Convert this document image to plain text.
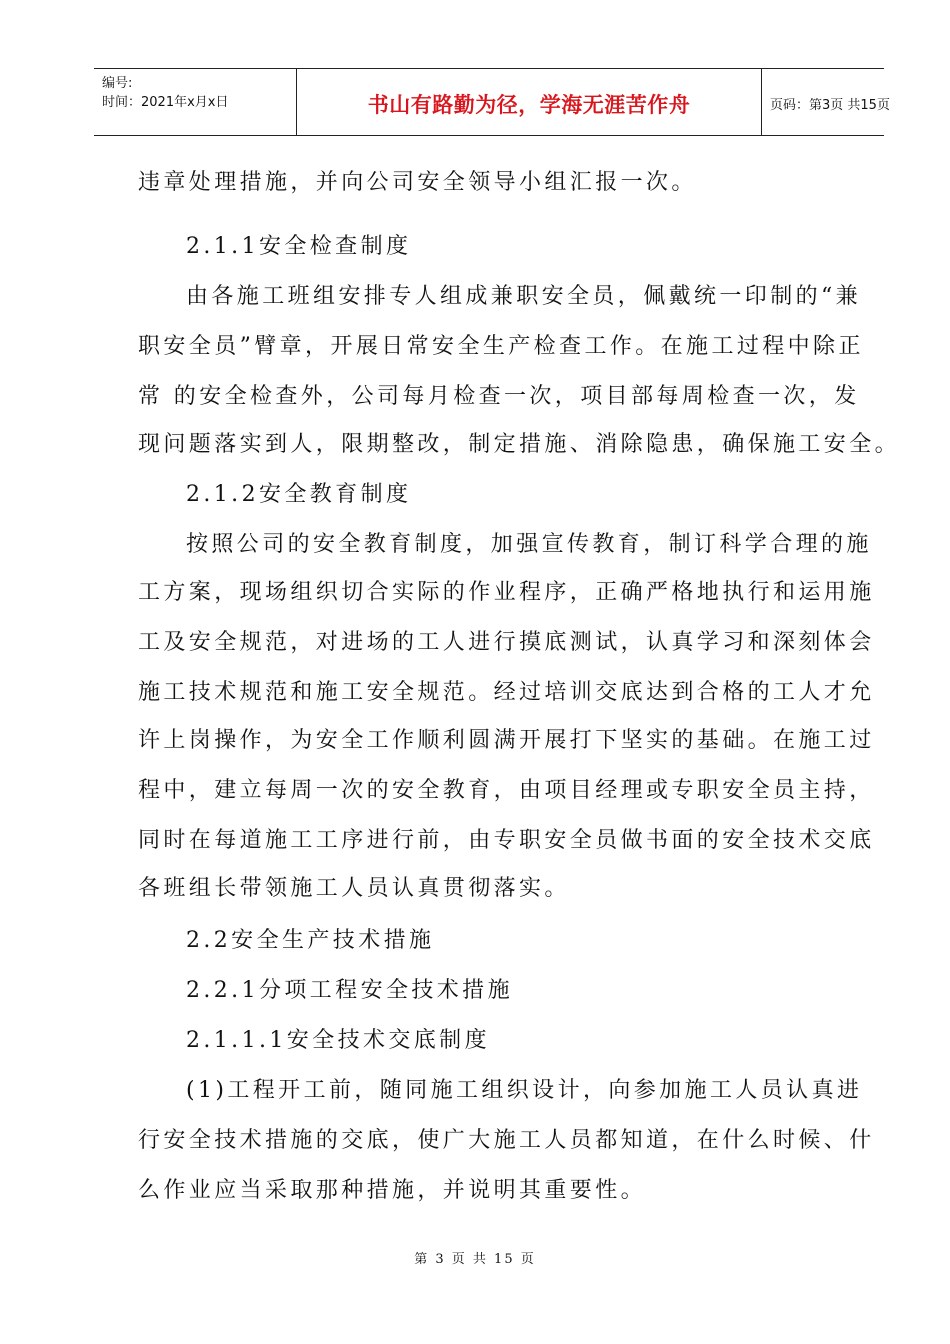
编号:
时间：2021年x月x日	书山有路勤为径，学海无涯苦作舟	页码：第3页 共15页
违章处理措施，并向公司安全领导小组汇报一次。
2.1.1安全检查制度
由各施工班组安排专人组成兼职安全员，佩戴统一印制的“兼
职安全员”臂章，开展日常安全生产检查工作。在施工过程中除正
常 的安全检查外，公司每月检查一次，项目部每周检查一次，发
现问题落实到人，限期整改，制定措施、消除隐患，确保施工安全。
2.1.2安全教育制度
按照公司的安全教育制度，加强宣传教育，制订科学合理的施
工方案，现场组织切合实际的作业程序，正确严格地执行和运用施
工及安全规范，对进场的工人进行摸底测试，认真学习和深刻体会
施工技术规范和施工安全规范。经过培训交底达到合格的工人才允
许上岗操作，为安全工作顺利圆满开展打下坚实的基础。在施工过
程中，建立每周一次的安全教育，由项目经理或专职安全员主持，
同时在每道施工工序进行前，由专职安全员做书面的安全技术交底
各班组长带领施工人员认真贯彻落实。
2.2安全生产技术措施
2.2.1分项工程安全技术措施
2.1.1.1安全技术交底制度
(1)工程开工前，随同施工组织设计，向参加施工人员认真进
行安全技术措施的交底，使广大施工人员都知道，在什么时候、什
么作业应当采取那种措施，并说明其重要性。
第 3 页 共 15 页
